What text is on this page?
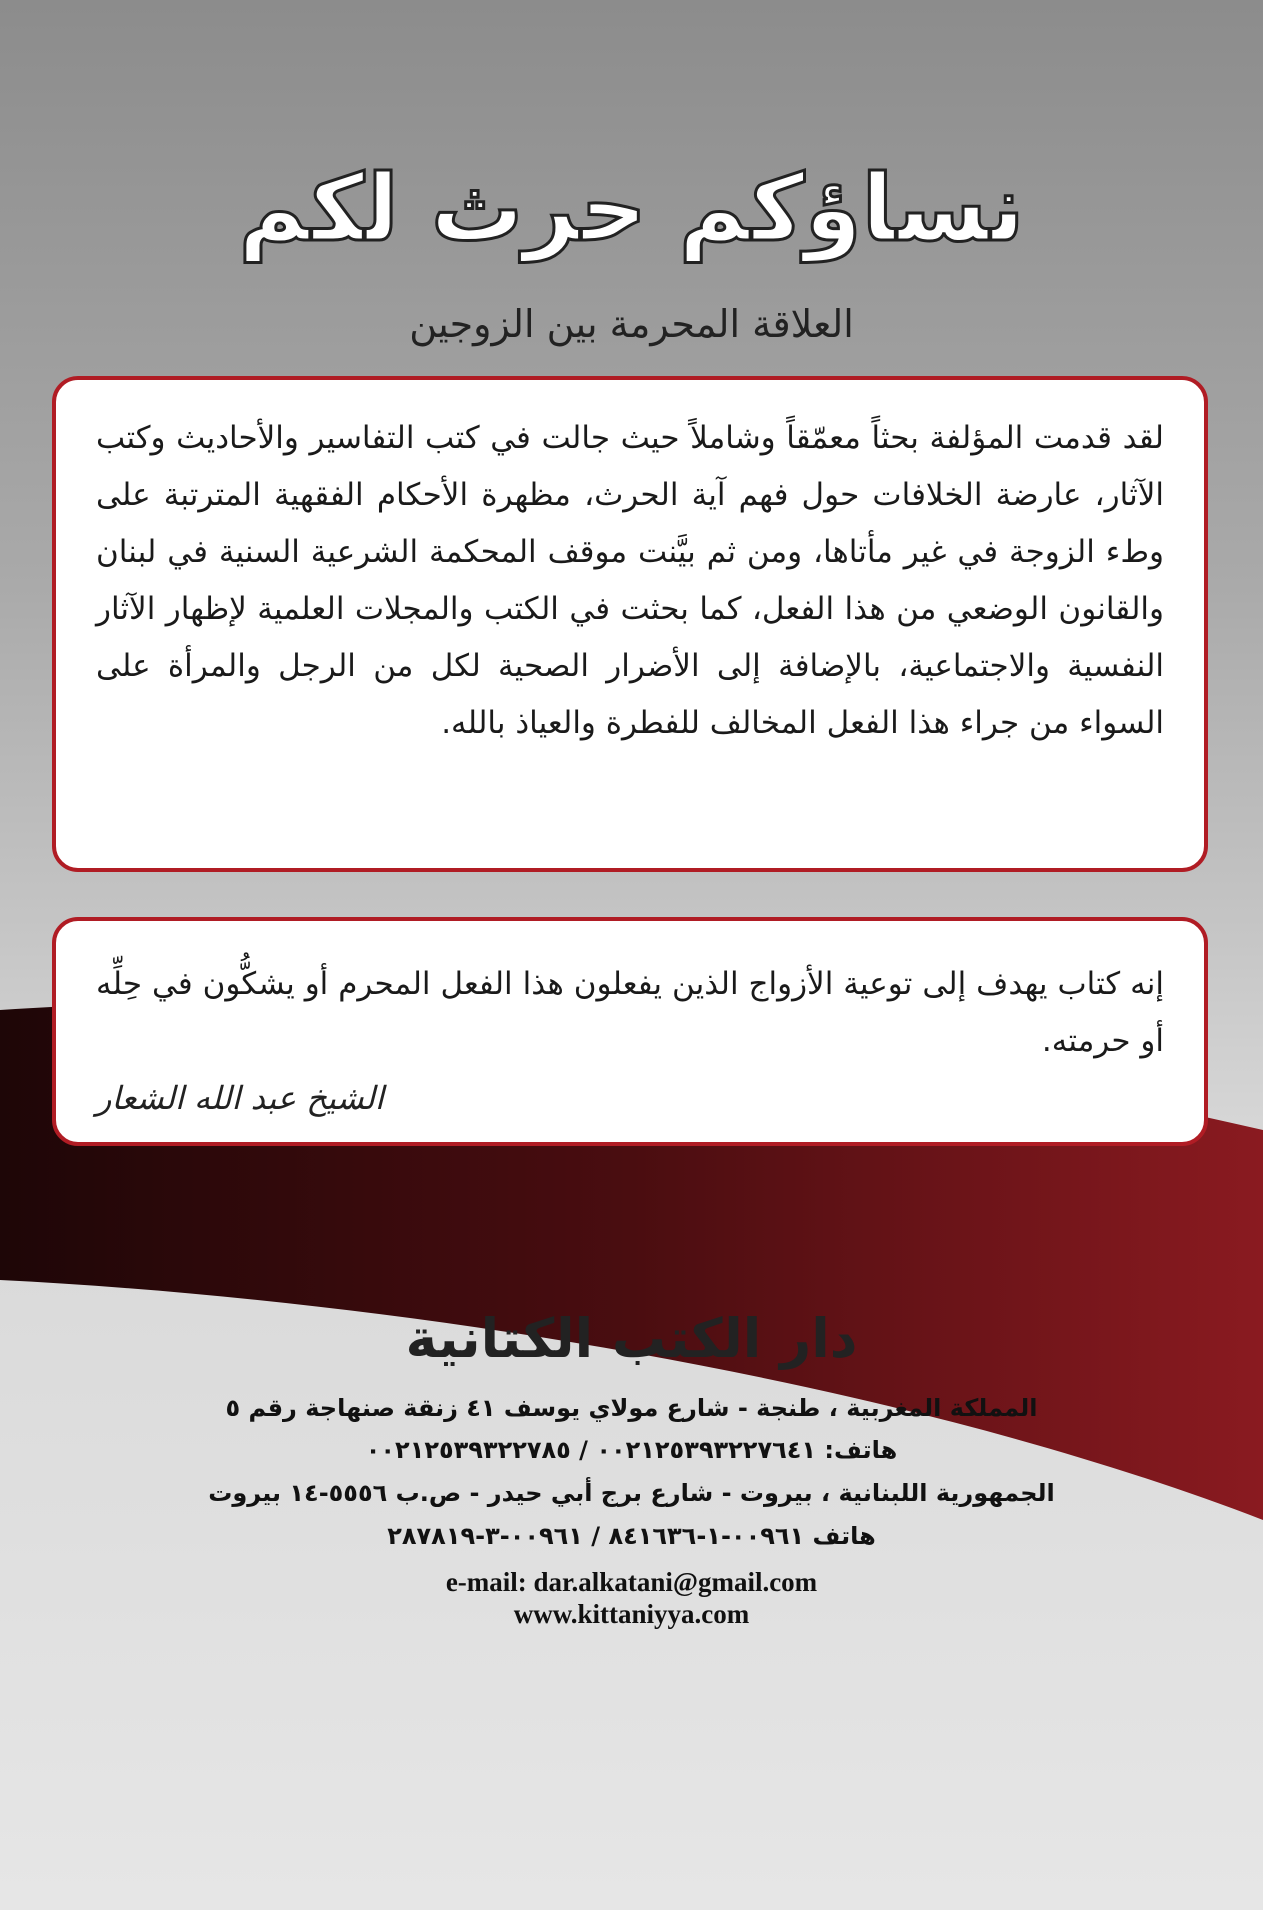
نساؤكم حرث لكم
العلاقة المحرمة بين الزوجين
لقد قدمت المؤلفة بحثاً معمّقاً وشاملاً حيث جالت في كتب التفاسير والأحاديث وكتب الآثار، عارضة الخلافات حول فهم آية الحرث، مظهرة الأحكام الفقهية المترتبة على وطء الزوجة في غير مأتاها، ومن ثم بيَّنت موقف المحكمة الشرعية السنية في لبنان والقانون الوضعي من هذا الفعل، كما بحثت في الكتب والمجلات العلمية لإظهار الآثار النفسية والاجتماعية، بالإضافة إلى الأضرار الصحية لكل من الرجل والمرأة على السواء من جراء هذا الفعل المخالف للفطرة والعياذ بالله.
إنه كتاب يهدف إلى توعية الأزواج الذين يفعلون هذا الفعل المحرم أو يشكُّون في حِلِّه أو حرمته.
الشيخ عبد الله الشعار
دار الكتب الكتانية
المملكة المغربية ، طنجة - شارع مولاي يوسف ٤١ زنقة صنهاجة رقم ٥
هاتف: ٠٠٢١٢٥٣٩٣٢٢٧٦٤١ / ٠٠٢١٢٥٣٩٣٢٢٧٨٥
الجمهورية اللبنانية ، بيروت - شارع برج أبي حيدر - ص.ب ٥٥٥٦-١٤ بيروت
هاتف ٠٠٩٦١-١-٨٤١٦٣٦ / ٠٠٩٦١-٣-٢٨٧٨١٩
e-mail: dar.alkatani@gmail.com
www.kittaniyya.com
